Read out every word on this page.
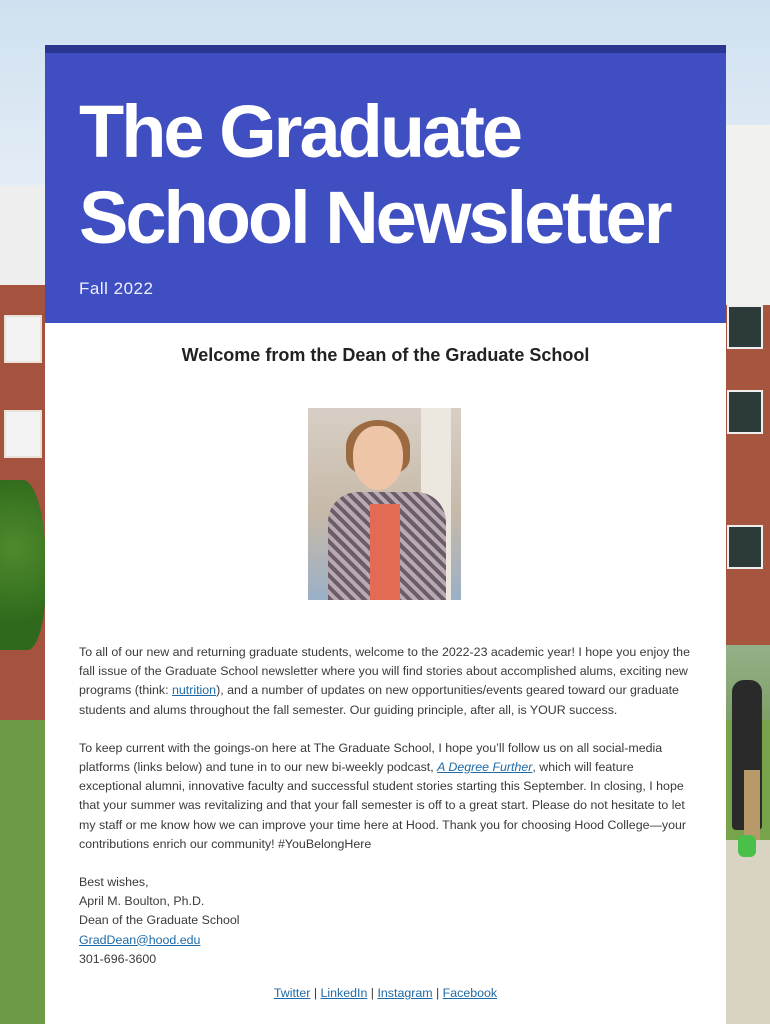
The Graduate School Newsletter
Fall 2022
Welcome from the Dean of the Graduate School

To all of our new and returning graduate students, welcome to the 2022-23 academic year! I hope you enjoy the fall issue of the Graduate School newsletter where you will find stories about accomplished alums, exciting new programs (think: nutrition), and a number of updates on new opportunities/events geared toward our graduate students and alums throughout the fall semester. Our guiding principle, after all, is YOUR success.

To keep current with the goings-on here at The Graduate School, I hope you’ll follow us on all social-media platforms (links below) and tune in to our new bi-weekly podcast, A Degree Further, which will feature exceptional alumni, innovative faculty and successful student stories starting this September. In closing, I hope that your summer was revitalizing and that your fall semester is off to a great start. Please do not hesitate to let my staff or me know how we can improve your time here at Hood. Thank you for choosing Hood College—your contributions enrich our community! #YouBelongHere

Best wishes,
April M. Boulton, Ph.D.
Dean of the Graduate School
GradDean@hood.edu
301-696-3600
Twitter | LinkedIn | Instagram | Facebook
